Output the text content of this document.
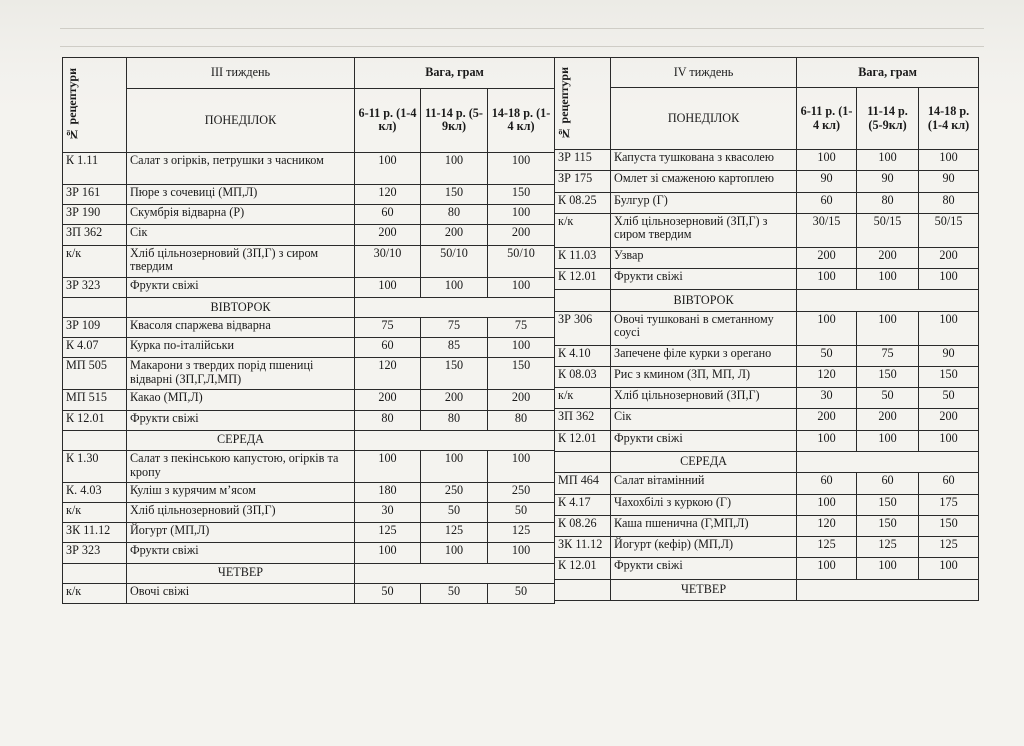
№ рецептури	ІІІ тиждень	Вага, грам		
	ПОНЕДІЛОК	6-11 р. (1-4 кл)	11-14 р. (5-9кл)	14-18 р. (1-4 кл)
К 1.11	Салат з огірків, петрушки з часником	100	100	100
ЗР 161	Пюре з сочевиці (МП,Л)	120	150	150
ЗР 190	Скумбрія відварна (Р)	60	80	100
ЗП 362	Сік	200	200	200
к/к	Хліб цільнозерновий (ЗП,Г) з сиром твердим	30/10	50/10	50/10
ЗР 323	Фрукти свіжі	100	100	100
	ВІВТОРОК			
ЗР 109	Квасоля спаржева відварна	75	75	75
К 4.07	Курка по-італійськи	60	85	100
МП 505	Макарони з твердих порід пшениці відварні (ЗП,Г,Л,МП)	120	150	150
МП 515	Какао (МП,Л)	200	200	200
К 12.01	Фрукти свіжі	80	80	80
	СЕРЕДА			
К 1.30	Салат з пекінською капустою, огірків та кропу	100	100	100
К. 4.03	Куліш з курячим м’ясом	180	250	250
к/к	Хліб цільнозерновий (ЗП,Г)	30	50	50
ЗК 11.12	Йогурт (МП,Л)	125	125	125
ЗР 323	Фрукти свіжі	100	100	100
	ЧЕТВЕР			
к/к	Овочі свіжі	50	50	50
№ рецептури	ІV тиждень	Вага, грам		
	ПОНЕДІЛОК	6-11 р. (1-4 кл)	11-14 р. (5-9кл)	14-18 р. (1-4 кл)
ЗР 115	Капуста тушкована з квасолею	100	100	100
ЗР 175	Омлет зі смаженою картоплею	90	90	90
К 08.25	Булгур (Г)	60	80	80
к/к	Хліб цільнозерновий (ЗП,Г) з сиром твердим	30/15	50/15	50/15
К 11.03	Узвар	200	200	200
К 12.01	Фрукти свіжі	100	100	100
	ВІВТОРОК			
ЗР 306	Овочі тушковані в сметанному соусі	100	100	100
К 4.10	Запечене філе курки з орегано	50	75	90
К 08.03	Рис з кмином (ЗП, МП, Л)	120	150	150
к/к	Хліб цільнозерновий (ЗП,Г)	30	50	50
ЗП 362	Сік	200	200	200
К 12.01	Фрукти свіжі	100	100	100
	СЕРЕДА			
МП 464	Салат вітамінний	60	60	60
К 4.17	Чахохбілі з куркою (Г)	100	150	175
К 08.26	Каша пшенична (Г,МП,Л)	120	150	150
ЗК 11.12	Йогурт (кефір) (МП,Л)	125	125	125
К 12.01	Фрукти свіжі	100	100	100
	ЧЕТВЕР			
